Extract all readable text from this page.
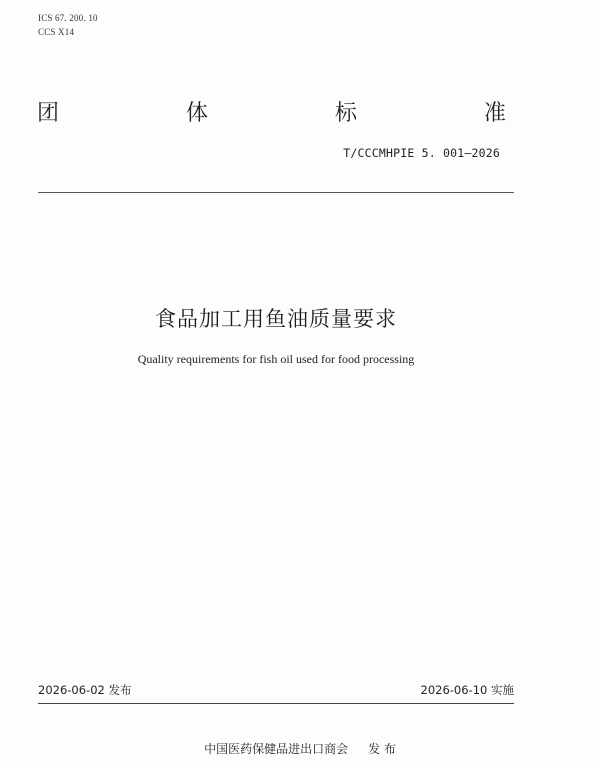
ICS 67. 200. 10
CCS X14
团	体	标	准
T/CCCMHPIE 5. 001—2026
食品加工用鱼油质量要求
Quality requirements for fish oil used for food processing
2026-06-02 发布	2026-06-10 实施
中国医药保健品进出口商会 发 布
